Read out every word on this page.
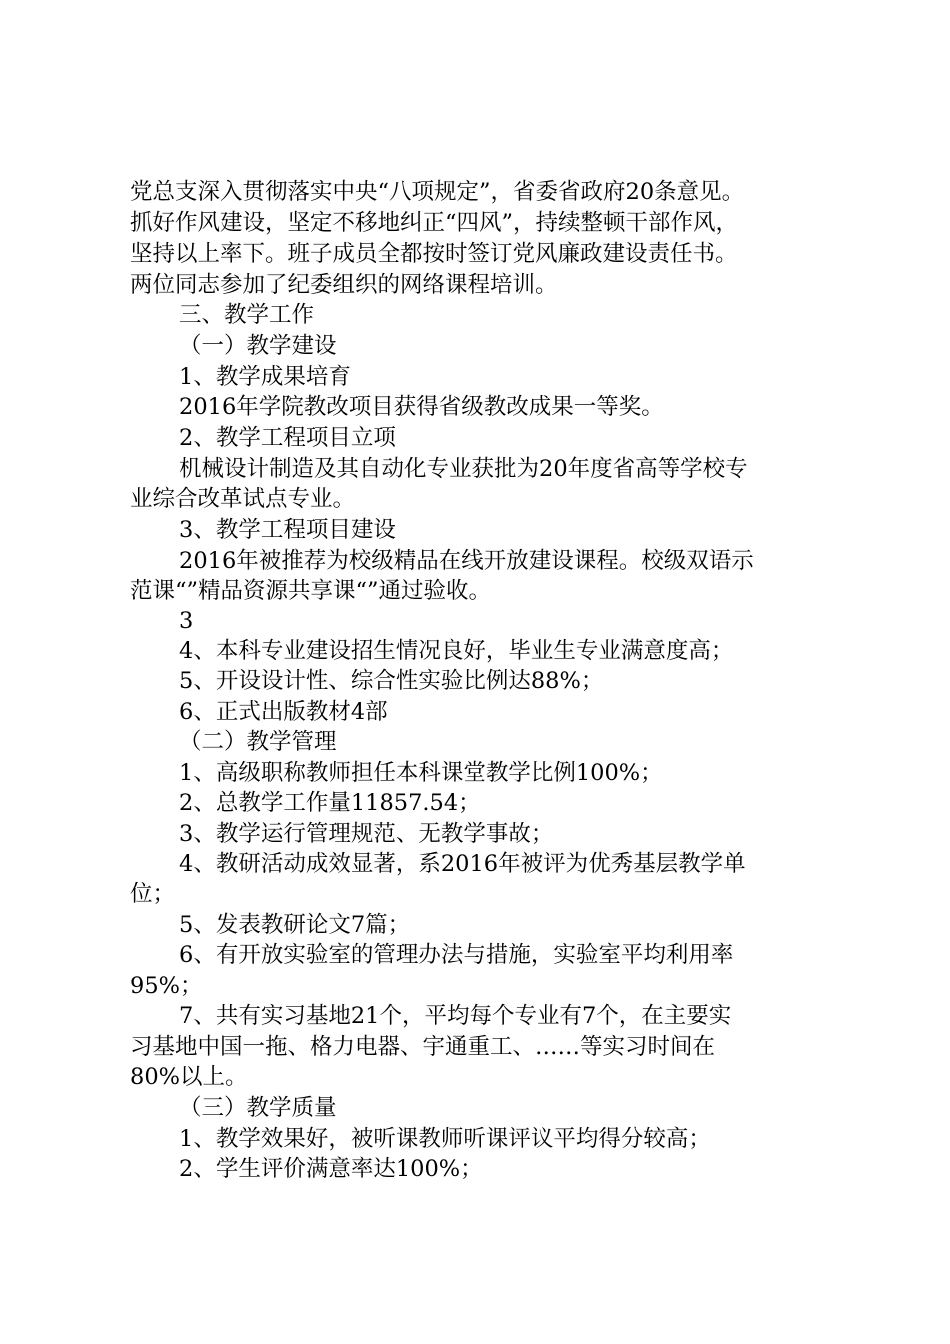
党总支深入贯彻落实中央“八项规定”，省委省政府20条意见。
抓好作风建设，坚定不移地纠正“四风”，持续整顿干部作风，
坚持以上率下。班子成员全都按时签订党风廉政建设责任书。
两位同志参加了纪委组织的网络课程培训。
三、教学工作
（一）教学建设
1、教学成果培育
2016年学院教改项目获得省级教改成果一等奖。
2、教学工程项目立项
机械设计制造及其自动化专业获批为20年度省高等学校专
业综合改革试点专业。
3、教学工程项目建设
2016年被推荐为校级精品在线开放建设课程。校级双语示
范课“”精品资源共享课“”通过验收。
3
4、本科专业建设招生情况良好，毕业生专业满意度高；
5、开设设计性、综合性实验比例达88%；
6、正式出版教材4部
（二）教学管理
1、高级职称教师担任本科课堂教学比例100%；
2、总教学工作量11857.54；
3、教学运行管理规范、无教学事故；
4、教研活动成效显著，系2016年被评为优秀基层教学单
位；
5、发表教研论文7篇；
6、有开放实验室的管理办法与措施，实验室平均利用率
95%；
7、共有实习基地21个，平均每个专业有7个，在主要实
习基地中国一拖、格力电器、宇通重工、……等实习时间在
80%以上。
（三）教学质量
1、教学效果好，被听课教师听课评议平均得分较高；
2、学生评价满意率达100%；
